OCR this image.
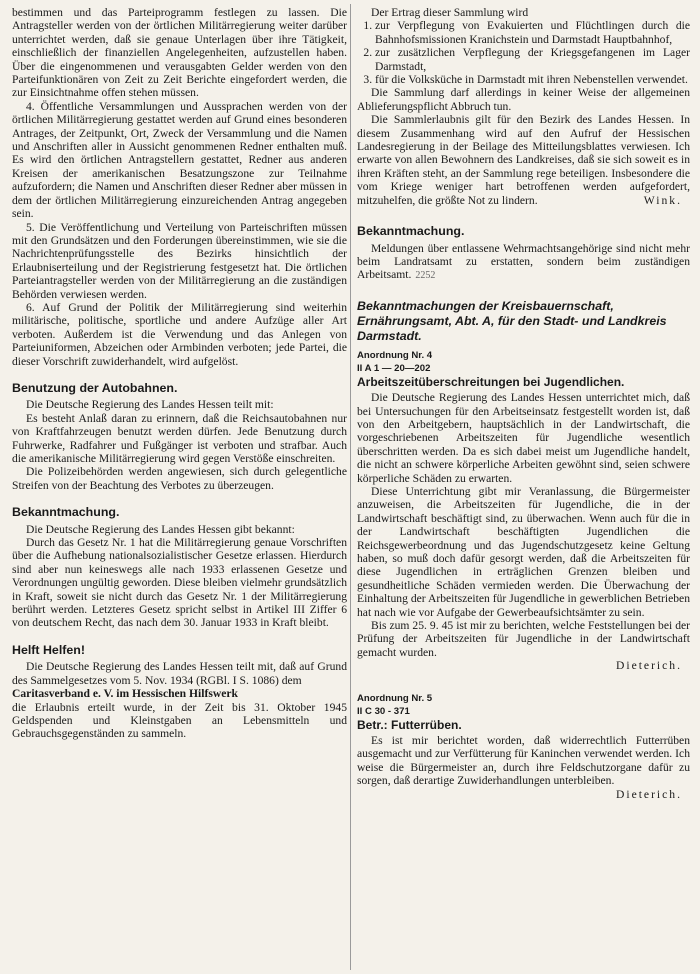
bestimmen und das Parteiprogramm festlegen zu lassen. Die Antragsteller werden von der örtlichen Militärregierung weiter darüber unterrichtet werden, daß sie genaue Unterlagen über ihre Tätigkeit, einschließlich der finanziellen Angelegenheiten, aufzustellen haben. Über die eingenommenen und verausgabten Gelder werden von den Parteifunktionären von Zeit zu Zeit Berichte eingefordert werden, die zur Einsichtnahme offen stehen müssen.

4. Öffentliche Versammlungen und Aussprachen werden von der örtlichen Militärregierung gestattet werden auf Grund eines besonderen Antrages, der Zeitpunkt, Ort, Zweck der Versammlung und die Namen und Anschriften aller in Aussicht genommenen Redner enthalten muß. Es wird den örtlichen Antragstellern gestattet, Redner aus anderen Kreisen der amerikanischen Besatzungszone zur Teilnahme aufzufordern; die Namen und Anschriften dieser Redner aber müssen in dem der örtlichen Militärregierung einzureichenden Antrag angegeben sein.

5. Die Veröffentlichung und Verteilung von Parteischriften müssen mit den Grundsätzen und den Forderungen übereinstimmen, wie sie die Nachrichtenprüfungsstelle des Bezirks hinsichtlich der Erlaubniserteilung und der Registrierung festgesetzt hat. Die örtlichen Parteiantragsteller werden von der Militärregierung an die zuständigen Behörden verwiesen werden.

6. Auf Grund der Politik der Militärregierung sind weiterhin militärische, politische, sportliche und andere Aufzüge aller Art verboten. Außerdem ist die Verwendung und das Anlegen von Parteiuniformen, Abzeichen oder Armbinden verboten; jede Partei, die dieser Vorschrift zuwiderhandelt, wird aufgelöst.

Benutzung der Autobahnen.

Die Deutsche Regierung des Landes Hessen teilt mit:

Es besteht Anlaß daran zu erinnern, daß die Reichsautobahnen nur von Kraftfahrzeugen benutzt werden dürfen. Jede Benutzung durch Fuhrwerke, Radfahrer und Fußgänger ist verboten und strafbar. Auch die amerikanische Militärregierung wird gegen Verstöße einschreiten.

Die Polizeibehörden werden angewiesen, sich durch gelegentliche Streifen von der Beachtung des Verbotes zu überzeugen.

Bekanntmachung.

Die Deutsche Regierung des Landes Hessen gibt bekannt:

Durch das Gesetz Nr. 1 hat die Militärregierung genaue Vorschriften über die Aufhebung nationalsozialistischer Gesetze erlassen. Hierdurch sind aber nun keineswegs alle nach 1933 erlassenen Gesetze und Verordnungen ungültig geworden. Diese bleiben vielmehr grundsätzlich in Kraft, soweit sie nicht durch das Gesetz Nr. 1 der Militärregierung berührt werden. Letzteres Gesetz spricht selbst in Artikel III Ziffer 6 von deutschem Recht, das nach dem 30. Januar 1933 in Kraft bleibt.

Helft Helfen!

Die Deutsche Regierung des Landes Hessen teilt mit, daß auf Grund des Sammelgesetzes vom 5. Nov. 1934 (RGBl. I S. 1086) dem

Caritasverband e. V. im Hessischen Hilfswerk

die Erlaubnis erteilt wurde, in der Zeit bis 31. Oktober 1945 Geldspenden und Kleinstgaben an Lebensmitteln und Gebrauchsgegenständen zu sammeln.

Der Ertrag dieser Sammlung wird

1. zur Verpflegung von Evakuierten und Flüchtlingen durch die Bahnhofsmissionen Kranichstein und Darmstadt Hauptbahnhof,
2. zur zusätzlichen Verpflegung der Kriegsgefangenen im Lager Darmstadt,
3. für die Volksküche in Darmstadt mit ihren Nebenstellen verwendet.

Die Sammlung darf allerdings in keiner Weise der allgemeinen Ablieferungspflicht Abbruch tun.

Die Sammlerlaubnis gilt für den Bezirk des Landes Hessen. In diesem Zusammenhang wird auf den Aufruf der Hessischen Landesregierung in der Beilage des Mitteilungsblattes verwiesen. Ich erwarte von allen Bewohnern des Landkreises, daß sie sich soweit es in ihren Kräften steht, an der Sammlung rege beteiligen. Insbesondere die vom Kriege weniger hart betroffenen werden aufgefordert, mitzuhelfen, die größte Not zu lindern.	Wink.

Bekanntmachung.

Meldungen über entlassene Wehrmachtsangehörige sind nicht mehr beim Landratsamt zu erstatten, sondern beim zuständigen Arbeitsamt. 2252

Bekanntmachungen der Kreisbauernschaft, Ernährungsamt, Abt. A, für den Stadt- und Landkreis Darmstadt.
Anordnung Nr. 4
II A 1 — 20—202
Arbeitszeitüberschreitungen bei Jugendlichen.

Die Deutsche Regierung des Landes Hessen unterrichtet mich, daß bei Untersuchungen für den Arbeitseinsatz festgestellt worden ist, daß von den Arbeitgebern, hauptsächlich in der Landwirtschaft, die vorgeschriebenen Arbeitszeiten für Jugendliche wesentlich überschritten werden. Da es sich dabei meist um Jugendliche handelt, die nicht an schwere körperliche Arbeiten gewöhnt sind, seien schwere körperliche Schäden zu erwarten.

Diese Unterrichtung gibt mir Veranlassung, die Bürgermeister anzuweisen, die Arbeitszeiten für Jugendliche, die in der Landwirtschaft beschäftigt sind, zu überwachen. Wenn auch für die in der Landwirtschaft beschäftigten Jugendlichen die Reichsgewerbeordnung und das Jugendschutzgesetz keine Geltung haben, so muß doch dafür gesorgt werden, daß die Arbeitszeiten für diese Jugendlichen in erträglichen Grenzen bleiben und gesundheitliche Schäden vermieden werden. Die Überwachung der Einhaltung der Arbeitszeiten für Jugendliche in gewerblichen Betrieben hat nach wie vor Aufgabe der Gewerbeaufsichtsämter zu sein.

Bis zum 25. 9. 45 ist mir zu berichten, welche Feststellungen bei der Prüfung der Arbeitszeiten für Jugendliche in der Landwirtschaft gemacht wurden.

Dieterich.

Anordnung Nr. 5
II C 30 - 371
Betr.: Futterrüben.

Es ist mir berichtet worden, daß widerrechtlich Futterrüben ausgemacht und zur Verfütterung für Kaninchen verwendet werden. Ich weise die Bürgermeister an, durch ihre Feldschutzorgane dafür zu sorgen, daß derartige Zuwiderhandlungen unterbleiben.
Dieterich.
